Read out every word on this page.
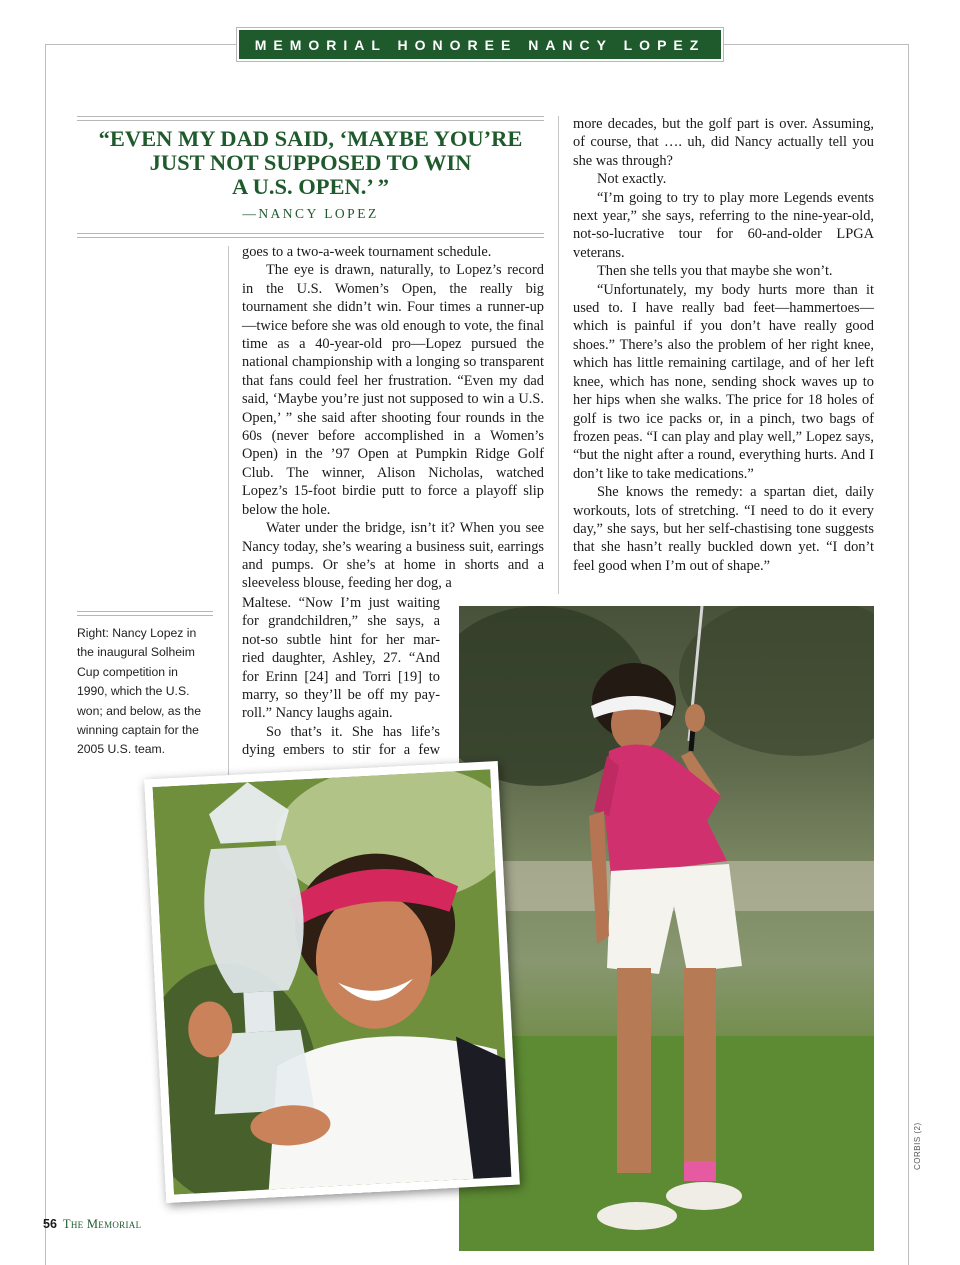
MEMORIAL HONOREE NANCY LOPEZ
“EVEN MY DAD SAID, ‘MAYBE YOU’RE
JUST NOT SUPPOSED TO WIN
A U.S. OPEN.’ ”
—NANCY LOPEZ
Right: Nancy Lopez in
the inaugural Solheim
Cup competition in
1990, which the U.S.
won; and below, as the
winning captain for the
2005 U.S. team.

goes to a two-a-week tournament schedule.

The eye is drawn, naturally, to Lopez’s record in the U.S. Women’s Open, the really big tournament she didn’t win. Four times a runner-up—twice before she was old enough to vote, the final time as a 40-year-old pro—Lopez pursued the national championship with a longing so transparent that fans could feel her frustration. “Even my dad said, ‘Maybe you’re just not supposed to win a U.S. Open,’ ” she said after shooting four rounds in the 60s (never before accomplished in a Women’s Open) in the ’97 Open at Pumpkin Ridge Golf Club. The winner, Alison Nicholas, watched Lopez’s 15-foot birdie putt to force a playoff slip below the hole.

Water under the bridge, isn’t it? When you see Nancy today, she’s wearing a business suit, earrings and pumps. Or she’s at home in shorts and a sleeveless blouse, feeding her dog, a

Maltese. “Now I’m just waiting
for grandchildren,” she says, a
not-so subtle hint for her mar-
ried daughter, Ashley, 27. “And
for Erinn [24] and Torri [19] to
marry, so they’ll be off my pay-
roll.” Nancy laughs again.
So that’s it. She has life’s
dying embers to stir for a few

more decades, but the golf part is over. Assuming, of course, that …. uh, did Nancy actually tell you she was through?

Not exactly.

“I’m going to try to play more Legends events next year,” she says, referring to the nine-year-old, not-so-lucrative tour for 60-and-older LPGA veterans.

Then she tells you that maybe she won’t.

“Unfortunately, my body hurts more than it used to. I have really bad feet—hammertoes—which is painful if you don’t have really good shoes.” There’s also the problem of her right knee, which has little remaining cartilage, and of her left knee, which has none, sending shock waves up to her hips when she walks. The price for 18 holes of golf is two ice packs or, in a pinch, two bags of frozen peas. “I can play and play well,” Lopez says, “but the night after a round, everything hurts. And I don’t like to take medications.”

She knows the remedy: a spartan diet, daily workouts, lots of stretching. “I need to do it every day,” she says, but her self-chastising tone suggests that she hasn’t really buckled down yet. “I don’t feel good when I’m out of shape.”

CORBIS (2)
56 The Memorial
